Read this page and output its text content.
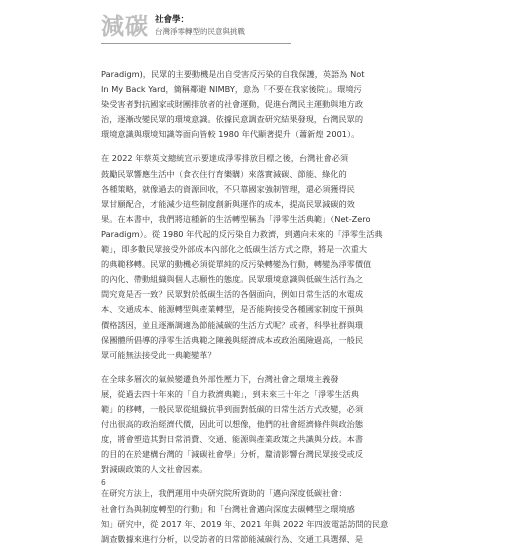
減碳 社會學：
台灣淨零轉型的民意與挑戰
Paradigm)，民眾的主要動機是出自受害反污染的自我保護，英語為 Not
In My Back Yard，簡稱鄰避 NIMBY，意為「不要在我家後院」。環境污
染受害者對抗國家或財團排放者的社會運動，促進台灣民主運動與地方政
治，逐漸改變民眾的環境意識。依據民意調查研究結果發現，台灣民眾的
環境意識與環境知識等面向皆較 1980 年代顯著提升（蕭新煌 2001）。
在 2022 年蔡英文總統宣示要達成淨零排放目標之後，台灣社會必須
鼓勵民眾響應生活中（食衣住行育樂購）來落實減碳、節能、綠化的
各種策略，就像過去的資源回收，不只靠國家強制管理，還必須獲得民
眾甘願配合，才能減少這些制度創新與運作的成本，提高民眾減碳的效
果。在本書中，我們將這種新的生活轉型稱為「淨零生活典範」（Net-Zero
Paradigm）。從 1980 年代起的反污染自力救濟，到邁向未來的「淨零生活典
範」，即多數民眾接受外部成本內部化之低碳生活方式之際，將是一次重大
的典範移轉。民眾的動機必須從單純的反污染轉變為行動，轉變為淨零價值
的內化、帶動組織與個人志願性的態度。民眾環境意識與低碳生活行為之
間究竟是否一致？民眾對於低碳生活的各個面向，例如日常生活的水電成
本、交通成本、能源轉型與產業轉型，是否能夠接受各種國家制度干預與
價格誘因，並且逐漸調適為節能減碳的生活方式呢？或者，科學社群與環
保團體所倡導的淨零生活典範之陳義與經濟成本或政治風險過高，一般民
眾可能無法接受此一典範變革？
在全球多層次的氣候變遷負外部性壓力下，台灣社會之環境主義發
展，從過去四十年來的「自力救濟典範」，到未來三十年之「淨零生活典
範」的移轉，一般民眾從組織抗爭到面對低碳的日常生活方式改變，必須
付出很高的政治經濟代價，因此可以想像，他們的社會經濟條件與政治態
度，將會塑造其對日常消費、交通、能源與產業政策之共識與分歧。本書
的目的在於建構台灣的「減碳社會學」分析，釐清影響台灣民眾接受或反
對減碳政策的人文社會因素。
在研究方法上，我們運用中央研究院所資助的「邁向深度低碳社會：
社會行為與制度轉型的行動」和「台灣社會邁向深度去碳轉型之環境感
知」研究中，從 2017 年、2019 年、2021 年與 2022 年四波電話訪問的民意
調查數據來進行分析，以受訪者的日常節能減碳行為、交通工具選擇、是
6
